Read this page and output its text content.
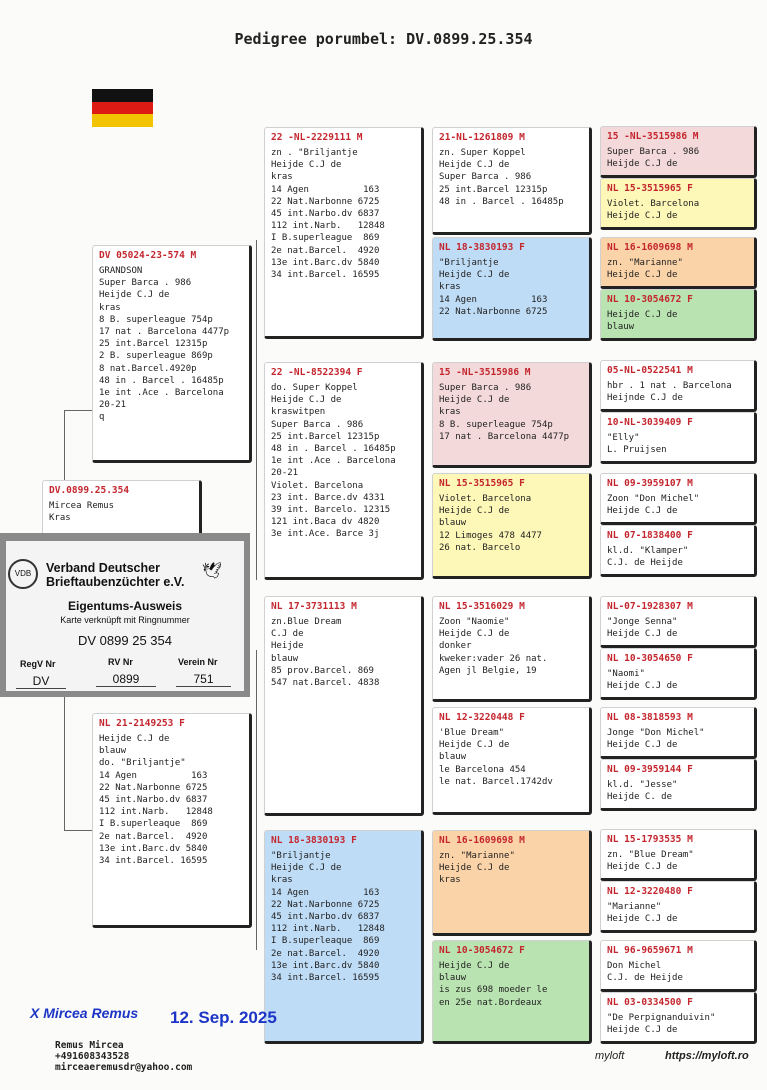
Pedigree porumbel: DV.0899.25.354
DV.0899.25.354
Mircea Remus
Kras
DV 05024-23-574 M
GRANDSON
Super Barca . 986
Heijde C.J de
kras
8 B. superleague 754p
17 nat . Barcelona 4477p
25 int.Barcel 12315p
2 B. superleague 869p
8 nat.Barcel.4920p
48 in . Barcel . 16485p
1e int .Ace . Barcelona
20-21
q
NL 21-2149253 F
Heijde C.J de
blauw
do. "Briljantje"
14 Agen          163
22 Nat.Narbonne 6725
45 int.Narbo.dv 6837
112 int.Narb.   12848
I B.superleaque  869
2e nat.Barcel.  4920
13e int.Barc.dv 5840
34 int.Barcel. 16595
22 -NL-2229111 M
zn . "Briljantje
Heijde C.J de
kras
14 Agen          163
22 Nat.Narbonne 6725
45 int.Narbo.dv 6837
112 int.Narb.   12848
I B.superleague  869
2e nat.Barcel.  4920
13e int.Barc.dv 5840
34 int.Barcel. 16595
22 -NL-8522394 F
do. Super Koppel
Heijde C.J de
kraswitpen
Super Barca . 986
25 int.Barcel 12315p
48 in . Barcel . 16485p
1e int .Ace . Barcelona
20-21
Violet. Barcelona
23 int. Barce.dv 4331
39 int. Barcelo. 12315
121 int.Baca dv 4820
3e int.Ace. Barce 3j
NL 17-3731113 M
zn.Blue Dream
C.J de
Heijde
blauw
85 prov.Barcel. 869
547 nat.Barcel. 4838
NL 18-3830193 F
"Briljantje
Heijde C.J de
kras
14 Agen          163
22 Nat.Narbonne 6725
45 int.Narbo.dv 6837
112 int.Narb.   12848
I B.superleaque  869
2e nat.Barcel.  4920
13e int.Barc.dv 5840
34 int.Barcel. 16595
21-NL-1261809 M
zn. Super Koppel
Heijde C.J de
Super Barca . 986
25 int.Barcel 12315p
48 in . Barcel . 16485p
NL 18-3830193 F
"Briljantje
Heijde C.J de
kras
14 Agen          163
22 Nat.Narbonne 6725
15 -NL-3515986 M
Super Barca . 986
Heijde C.J de
kras
8 B. superleague 754p
17 nat . Barcelona 4477p
NL 15-3515965 F
Violet. Barcelona
Heijde C.J de
blauw
12 Limoges 478 4477
26 nat. Barcelo
NL 15-3516029 M
Zoon "Naomie"
Heijde C.J de
donker
kweker:vader 26 nat.
Agen jl Belgie, 19
NL 12-3220448 F
'Blue Dream"
Heijde C.J de
blauw
le Barcelona 454
le nat. Barcel.1742dv
NL 16-1609698 M
zn. "Marianne"
Heijde C.J de
kras
NL 10-3054672 F
Heijde C.J de
blauw
is zus 698 moeder le
en 25e nat.Bordeaux
15 -NL-3515986 M
Super Barca . 986
Heijde C.J de
NL 15-3515965 F
Violet. Barcelona
Heijde C.J de
NL 16-1609698 M
zn. "Marianne"
Heijde C.J de
NL 10-3054672 F
Heijde C.J de
blauw
05-NL-0522541 M
hbr . 1 nat . Barcelona
Heijnde C.J de
10-NL-3039409 F
"Elly"
L. Pruijsen
NL 09-3959107 M
Zoon "Don Michel"
Heijde C.J de
NL 07-1838400 F
kl.d. "Klamper"
C.J. de Heijde
NL-07-1928307 M
"Jonge Senna"
Heijde C.J de
NL 10-3054650 F
"Naomi"
Heijde C.J de
NL 08-3818593 M
Jonge "Don Michel"
Heijde C.J de
NL 09-3959144 F
kl.d. "Jesse"
Heijde C. de
NL 15-1793535 M
zn. "Blue Dream"
Heijde C.J de
NL 12-3220480 F
"Marianne"
Heijde C.J de
NL 96-9659671 M
Don Michel
C.J. de Heijde
NL 03-0334500 F
"De Perpignanduivin"
Heijde C.J de
VDB	Verband Deutscher
Brieftaubenzüchter e.V.
🕊
Eigentums-Ausweis
Karte verknüpft mit Ringnummer
DV 0899 25 354
RegV Nr	RV Nr	Verein Nr
DV	0899	751
X Mircea Remus 12. Sep. 2025
Remus Mircea
+491608343528
mirceaeremusdr@yahoo.com
myloft	https://myloft.ro
